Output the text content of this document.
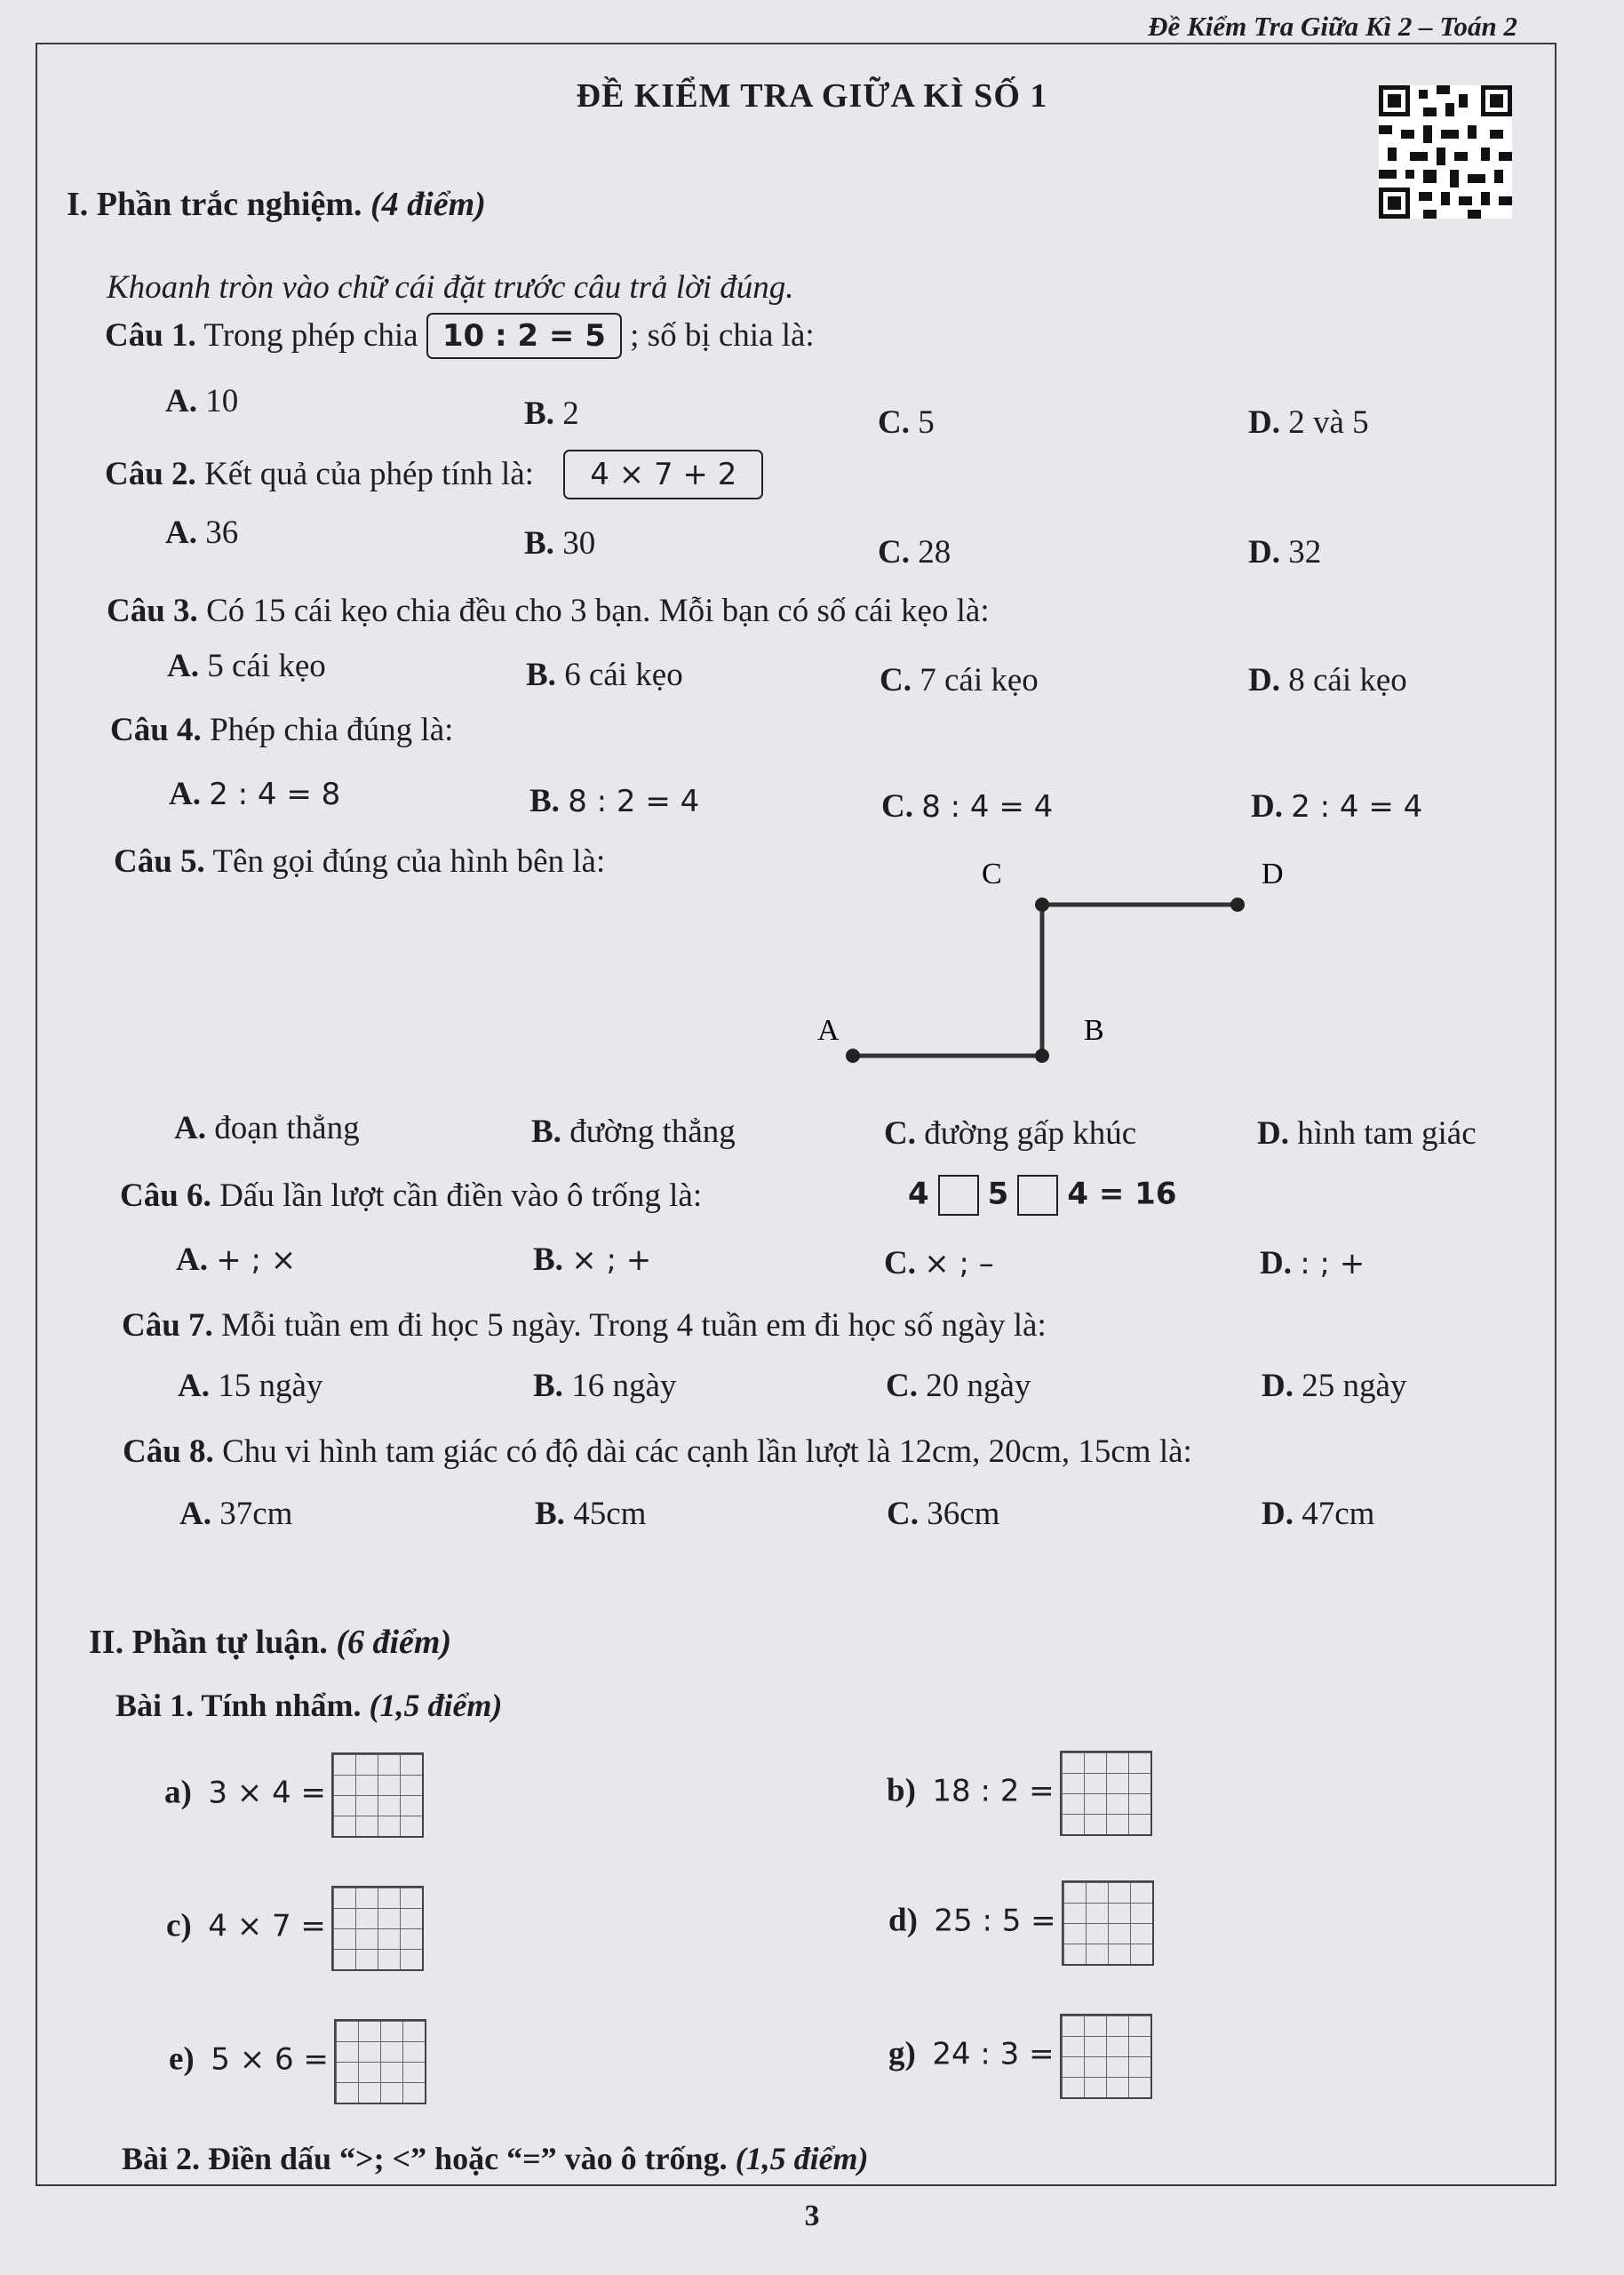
Đề Kiểm Tra Giữa Kì 2 – Toán 2
ĐỀ KIỂM TRA GIỮA KÌ SỐ 1
I. Phần trắc nghiệm. (4 điểm)
Khoanh tròn vào chữ cái đặt trước câu trả lời đúng.
Câu 1. Trong phép chia 10 : 2 = 5 ; số bị chia là:
A. 10	B. 2	C. 5	D. 2 và 5
Câu 2. Kết quả của phép tính là: 4 × 7 + 2
A. 36	B. 30	C. 28	D. 32
Câu 3. Có 15 cái kẹo chia đều cho 3 bạn. Mỗi bạn có số cái kẹo là:
A. 5 cái kẹo	B. 6 cái kẹo	C. 7 cái kẹo	D. 8 cái kẹo
Câu 4. Phép chia đúng là:
A. 2 : 4 = 8	B. 8 : 2 = 4	C. 8 : 4 = 4	D. 2 : 4 = 4
Câu 5. Tên gọi đúng của hình bên là:
A	B
C	D
A. đoạn thẳng	B. đường thẳng	C. đường gấp khúc	D. hình tam giác
Câu 6. Dấu lần lượt cần điền vào ô trống là:	4 5 4 = 16
A. + ; ×	B. × ; +	C. × ; –	D. : ; +
Câu 7. Mỗi tuần em đi học 5 ngày. Trong 4 tuần em đi học số ngày là:
A. 15 ngày	B. 16 ngày	C. 20 ngày	D. 25 ngày
Câu 8. Chu vi hình tam giác có độ dài các cạnh lần lượt là 12cm, 20cm, 15cm là:
A. 37cm	B. 45cm	C. 36cm	D. 47cm
II. Phần tự luận. (6 điểm)
Bài 1. Tính nhẩm. (1,5 điểm)
a) 3 × 4 =	b) 18 : 2 =
c) 4 × 7 =	d) 25 : 5 =
e) 5 × 6 =	g) 24 : 3 =
Bài 2. Điền dấu “>; <” hoặc “=” vào ô trống. (1,5 điểm)
3
